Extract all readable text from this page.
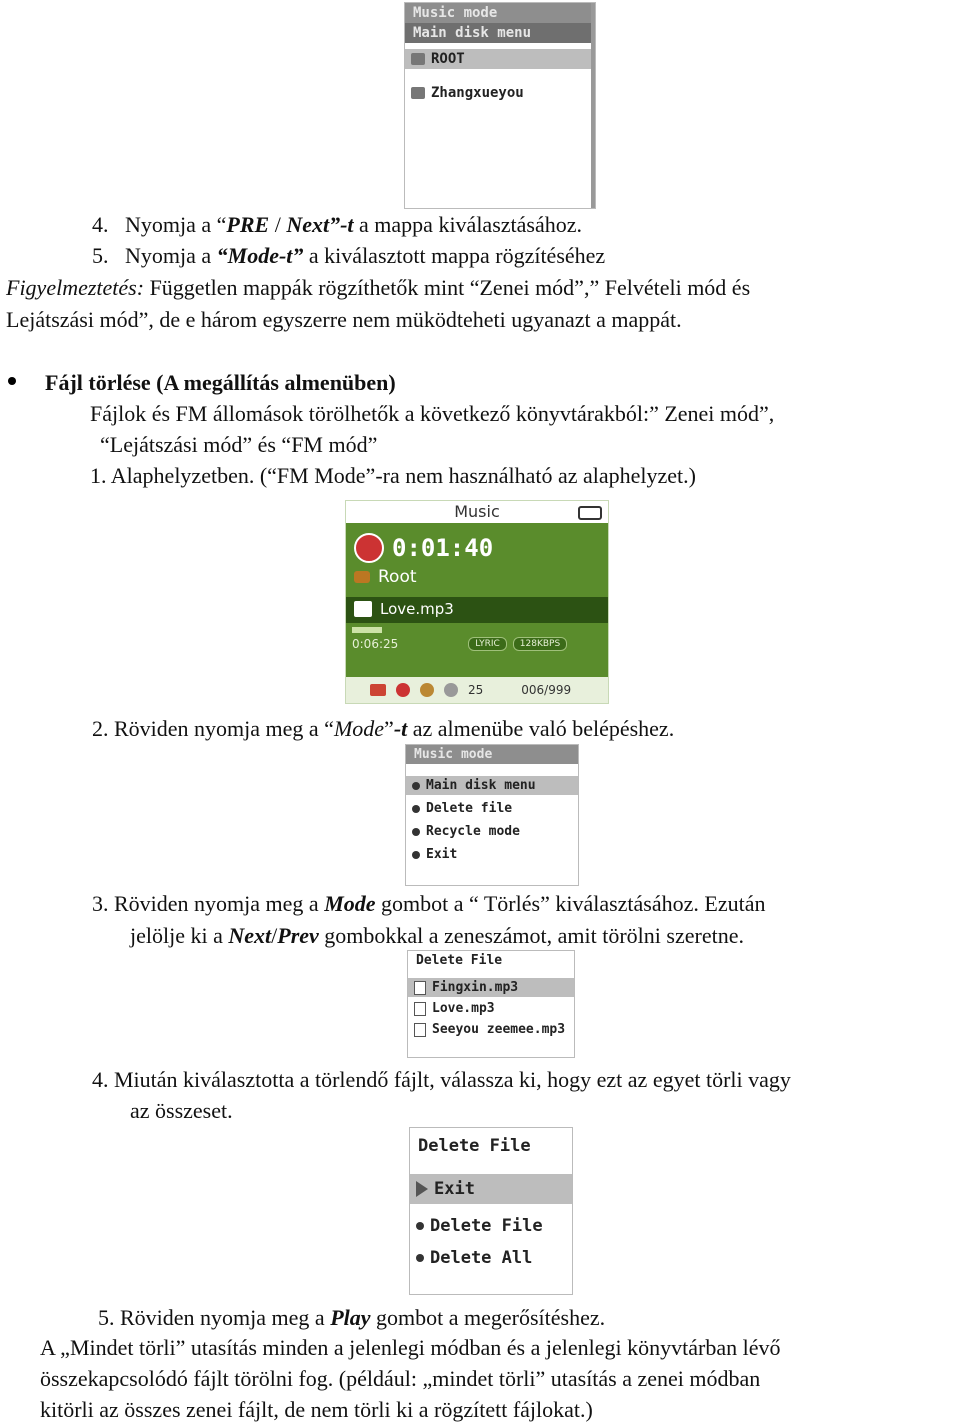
Music mode
Main disk menu
ROOT
Zhangxueyou
4. Nyomja a “PRE / Next”-t a mappa kiválasztásához.
5. Nyomja a “Mode-t” a kiválasztott mappa rögzítéséhez
Figyelmeztetés: Független mappák rögzíthetők mint “Zenei mód”,” Felvételi mód és
Lejátszási mód”, de e három egyszerre nem müködteheti ugyanazt a mappát.
Fájl törlése (A megállítás almenüben)
Fájlok és FM állomások törölhetők a következő könyvtárakból:” Zenei mód”,
“Lejátszási mód” és “FM mód”
1. Alaphelyzetben. (“FM Mode”-ra nem használható az alaphelyzet.)
Music
0:01:40
Root
Love.mp3
0:06:25	LYRIC	128KBPS
25	006/999
2. Röviden nyomja meg a “Mode”-t az almenübe való belépéshez.
Music mode
Main disk menu
Delete file
Recycle mode
Exit
3. Röviden nyomja meg a Mode gombot a “ Törlés” kiválasztásához. Ezután
jelölje ki a Next/Prev gombokkal a zeneszámot, amit törölni szeretne.
Delete File
Fingxin.mp3
Love.mp3
Seeyou zeemee.mp3
4. Miután kiválasztotta a törlendő fájlt, válassza ki, hogy ezt az egyet törli vagy
az összeset.
Delete File
Exit
Delete File
Delete All
5. Röviden nyomja meg a Play gombot a megerősítéshez.
A „Mindet törli” utasítás minden a jelenlegi módban és a jelenlegi könyvtárban lévő
összekapcsolódó fájlt törölni fog. (például: „mindet törli” utasítás a zenei módban
kitörli az összes zenei fájlt, de nem törli ki a rögzített fájlokat.)
